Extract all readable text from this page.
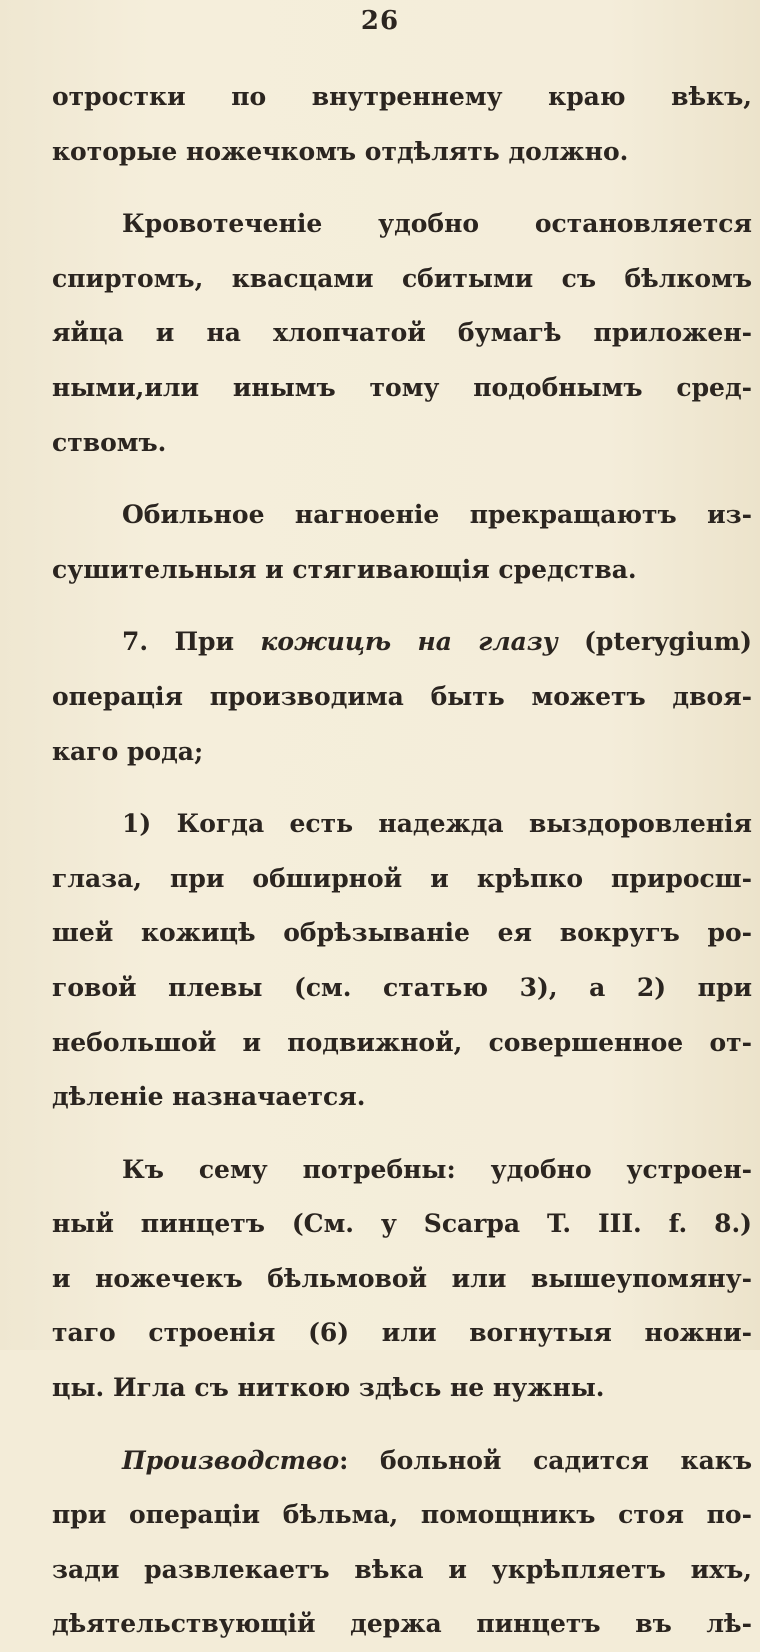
26
отростки по внутреннему краю вѣкъ,
которые ножечкомъ отдѣлять должно.
Кровотеченіе удобно остановляется
спиртомъ, квасцами сбитыми съ бѣлкомъ
яйца и на хлопчатой бумагѣ приложен-
ными,или инымъ тому подобнымъ сред-
ствомъ.
Обильное нагноеніе прекращаютъ из-
сушительныя и стягивающія средства.
7. При кожицѣ на глазу (pterygium)
операція производима быть можетъ двоя-
каго рода;
1) Когда есть надежда выздоровленія
глаза, при обширной и крѣпко приросш-
шей кожицѣ обрѣзываніе ея вокругъ ро-
говой плевы (см. статью 3), а 2) при
небольшой и подвижной, совершенное от-
дѣленіе назначается.
Къ сему потребны: удобно устроен-
ный пинцетъ (См. у Scarpa T. III. f. 8.)
и ножечекъ бѣльмовой или вышеупомяну-
таго строенія (6) или вогнутыя ножни-
цы. Игла съ ниткою здѣсь не нужны.
Производство: больной садится какъ
при операціи бѣльма, помощникъ стоя по-
зади развлекаетъ вѣка и укрѣпляетъ ихъ,
дѣятельствующій держа пинцетъ въ лѣ-
